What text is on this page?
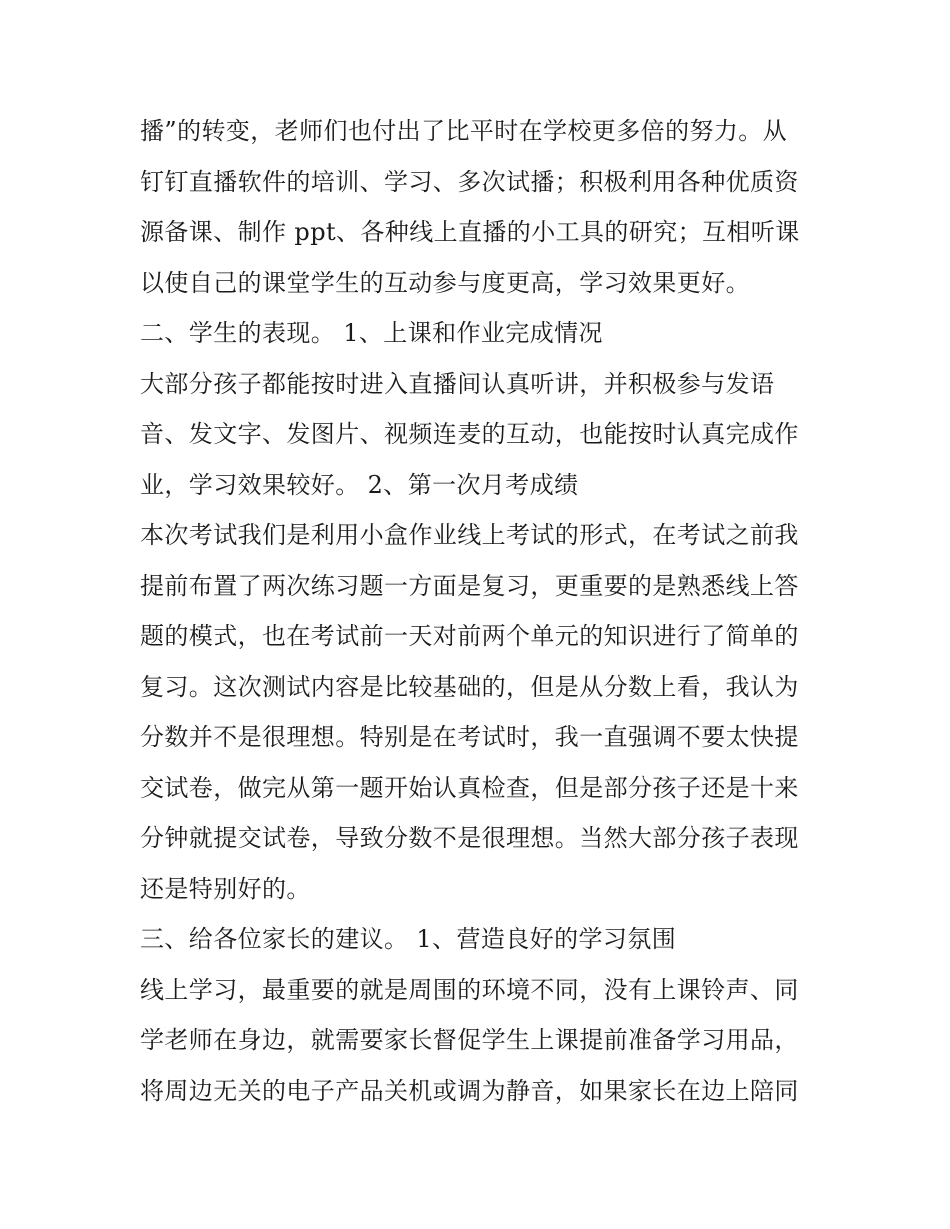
播”的转变，老师们也付出了比平时在学校更多倍的努力。从
钉钉直播软件的培训、学习、多次试播；积极利用各种优质资
源备课、制作 ppt、各种线上直播的小工具的研究；互相听课
以使自己的课堂学生的互动参与度更高，学习效果更好。
二、学生的表现。 1、上课和作业完成情况
大部分孩子都能按时进入直播间认真听讲，并积极参与发语
音、发文字、发图片、视频连麦的互动，也能按时认真完成作
业，学习效果较好。 2、第一次月考成绩
本次考试我们是利用小盒作业线上考试的形式，在考试之前我
提前布置了两次练习题一方面是复习，更重要的是熟悉线上答
题的模式，也在考试前一天对前两个单元的知识进行了简单的
复习。这次测试内容是比较基础的，但是从分数上看，我认为
分数并不是很理想。特别是在考试时，我一直强调不要太快提
交试卷，做完从第一题开始认真检查，但是部分孩子还是十来
分钟就提交试卷，导致分数不是很理想。当然大部分孩子表现
还是特别好的。
三、给各位家长的建议。 1、营造良好的学习氛围
线上学习，最重要的就是周围的环境不同，没有上课铃声、同
学老师在身边，就需要家长督促学生上课提前准备学习用品，
将周边无关的电子产品关机或调为静音，如果家长在边上陪同
